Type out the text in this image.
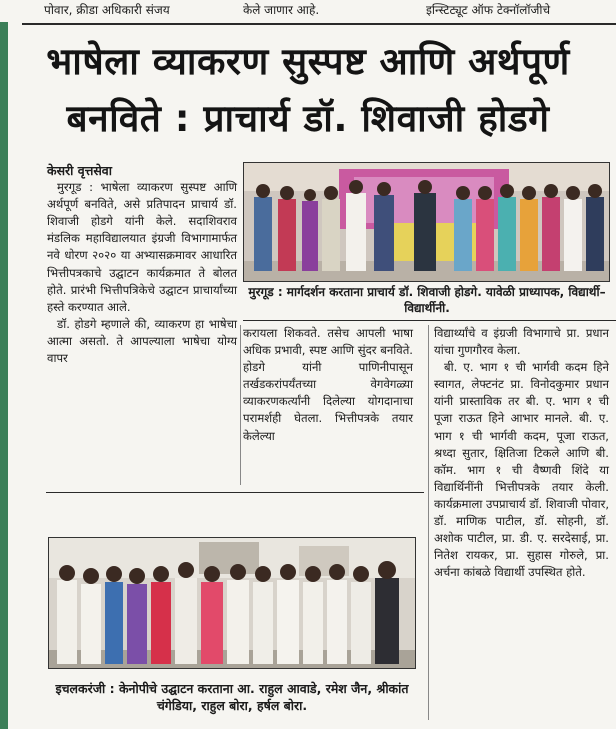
पोवार, क्रीडा अधिकारी संजय	केले जाणार आहे.	इन्स्टिट्यूट ऑफ टेक्नॉलॉजीचे
भाषेला व्याकरण सुस्पष्ट आणि अर्थपूर्ण
बनविते : प्राचार्य डॉ. शिवाजी होडगे

केसरी वृत्तसेवा

मुरगूड : भाषेला व्याकरण सुस्पष्ट आणि अर्थपूर्ण बनविते, असे प्रतिपादन प्राचार्य डॉ. शिवाजी होडगे यांनी केले. सदाशिवराव मंडलिक महाविद्यालयात इंग्रजी विभागामार्फत नवे धोरण २०२० या अभ्यासक्रमावर आधारित भित्तीपत्रकाचे उद्घाटन कार्यक्रमात ते बोलत होते. प्रारंभी भित्तीपत्रिकेचे उद्घाटन प्राचार्यांच्या हस्ते करण्यात आले.

डॉ. होडगे म्हणाले की, व्याकरण हा भाषेचा आत्मा असतो. ते आपल्याला भाषेचा योग्य वापर

मुरगूड : मार्गदर्शन करताना प्राचार्य डॉ. शिवाजी होडगे. यावेळी प्राध्यापक, विद्यार्थी–विद्यार्थीनी.

करायला शिकवते. तसेच आपली भाषा अधिक प्रभावी, स्पष्ट आणि सुंदर बनविते. होडगे यांनी पाणिनीपासून तर्खडकरांपर्यंतच्या वेगवेगळ्या व्याकरणकर्त्यांनी दिलेल्या योगदानाचा परामर्शही घेतला. भित्तीपत्रके तयार केलेल्या

विद्यार्थ्यांचे व इंग्रजी विभागाचे प्रा. प्रधान यांचा गुणगौरव केला.

बी. ए. भाग १ ची भार्गवी कदम हिने स्वागत, लेफ्टनंट प्रा. विनोदकुमार प्रधान यांनी प्रास्ताविक तर बी. ए. भाग १ ची पूजा राऊत हिने आभार मानले. बी. ए. भाग १ ची भार्गवी कदम, पूजा राऊत, श्रध्दा सुतार, क्षितिजा टिकले आणि बी. कॉम. भाग १ ची वैष्णवी शिंदे या विद्यार्थिनींनी भित्तीपत्रके तयार केली. कार्यक्रमाला उपप्राचार्य डॉ. शिवाजी पोवार, डॉ. माणिक पाटील, डॉ. सोहनी, डॉ. अशोक पाटील, प्रा. डी. ए. सरदेसाई, प्रा. नितेश रायकर, प्रा. सुहास गोरुले, प्रा. अर्चना कांबळे विद्यार्थी उपस्थित होते.

इचलकरंजी : केनोपीचे उद्घाटन करताना आ. राहुल आवाडे, रमेश जैन, श्रीकांत चंगेडिया, राहुल बोरा, हर्षल बोरा.
